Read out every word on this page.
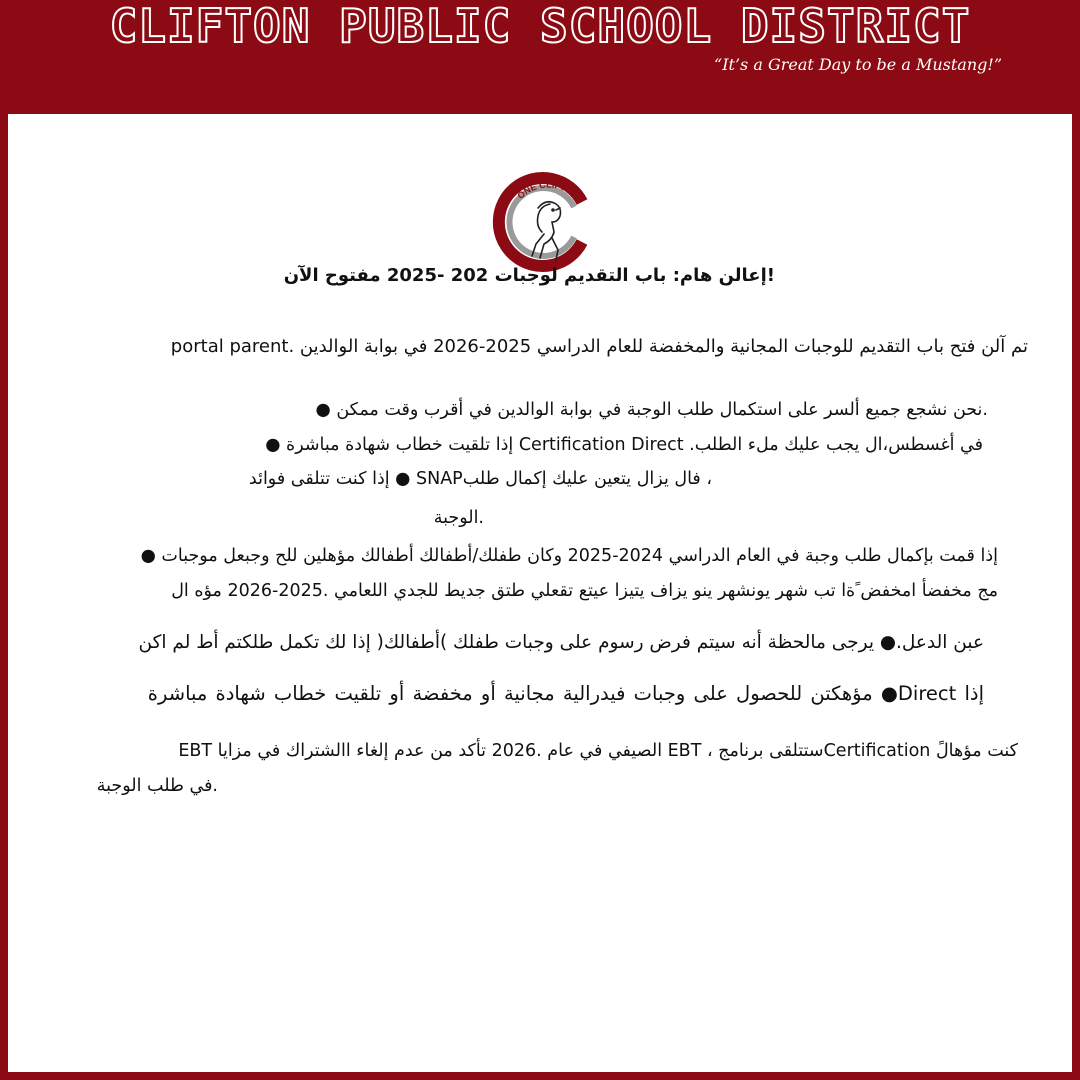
CLIFTON PUBLIC SCHOOL DISTRICT
“It’s a Great Day to be a Mustang!”
ONE CLIFTON
!إعالن هام: باب التقديم لوجبات 202 -2025 مفتوح الآن
portal parent. تم آلن فتح باب التقديم للوجبات المجانية والمخفضة للعام الدراسي 2025-2026 في بوابة الوالدين
.نحن نشجع جميع ألسر على استكمال طلب الوجبة في بوابة الوالدين في أقرب وقت ممكن ●
في أغسطس،ال يجب عليك ملء الطلب. Certification Direct إذا تلقيت خطاب شهادة مباشرة ●
، فال يزال يتعين عليك إكمال طلبSNAP ● إذا كنت تتلقى فوائد
.الوجبة
إذا قمت بإكمال طلب وجبة في العام الدراسي 2024-2025 وكان طفلك/أطفالك أطفالك مؤهلين للح وجبعل موجبات ●
مج مخفضأ امخفض ًةا تب شهر يونشهر ينو يزاف يتيزا عيتع تقعلي طتق جديط للجدي اللعامي .2025-2026 مؤه ال
عبن الدعل.● يرجى مالحظة أنه سيتم فرض رسوم على وجبات طفلك )أطفالك( إذا لك تكمل طلكتم أط لم اكن
إذا Direct● مؤهكتن للحصول على وجبات فيدرالية مجانية أو مخفضة أو تلقيت خطاب شهادة مباشرة
EBT الصيفي في عام .2026 تأكد من عدم إلغاء االشتراك في مزايا EBT ، ستتلقى برنامجCertification كنت مؤهالً
.في طلب الوجبة
